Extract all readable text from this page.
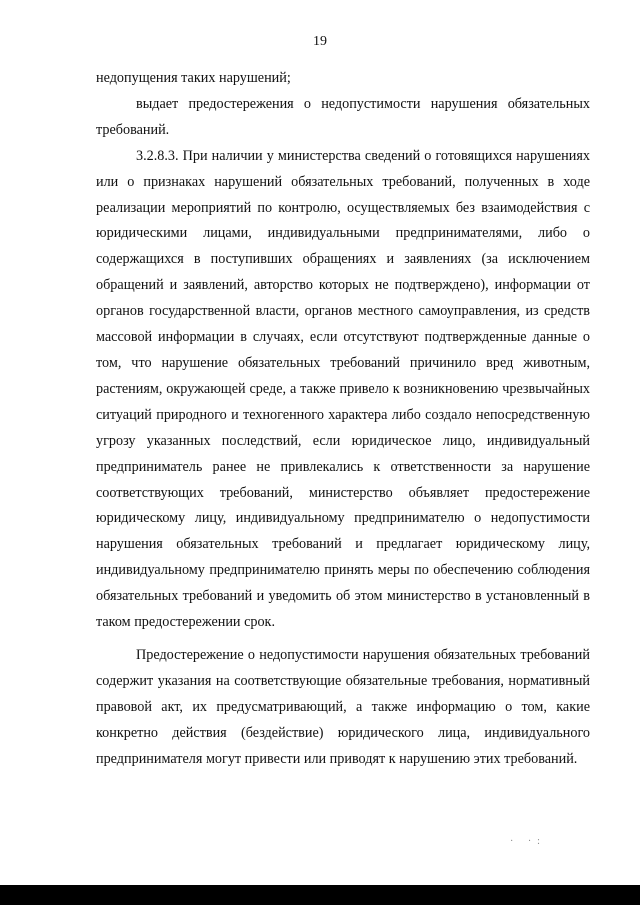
19

недопущения таких нарушений;

выдает предостережения о недопустимости нарушения обязательных требований.

3.2.8.3. При наличии у министерства сведений о готовящихся нарушениях или о признаках нарушений обязательных требований, полученных в ходе реализации мероприятий по контролю, осуществляемых без взаимодействия с юридическими лицами, индивидуальными предпринимателями, либо о содержащихся в поступивших обращениях и заявлениях (за исключением обращений и заявлений, авторство которых не подтверждено), информации от органов государственной власти, органов местного самоуправления, из средств массовой информации в случаях, если отсутствуют подтвержденные данные о том, что нарушение обязательных требований причинило вред животным, растениям, окружающей среде, а также привело к возникновению чрезвычайных ситуаций природного и техногенного характера либо создало непосредственную угрозу указанных последствий, если юридическое лицо, индивидуальный предприниматель ранее не привлекались к ответственности за нарушение соответствующих требований, министерство объявляет предостережение юридическому лицу, индивидуальному предпринимателю о недопустимости нарушения обязательных требований и предлагает юридическому лицу, индивидуальному предпринимателю принять меры по обеспечению соблюдения обязательных требований и уведомить об этом министерство в установленный в таком предостережении срок.

Предостережение о недопустимости нарушения обязательных требований содержит указания на соответствующие обязательные требования, нормативный правовой акт, их предусматривающий, а также информацию о том, какие конкретно действия (бездействие) юридического лица, индивидуального предпринимателя могут привести или приводят к нарушению этих требований.

· ·:
